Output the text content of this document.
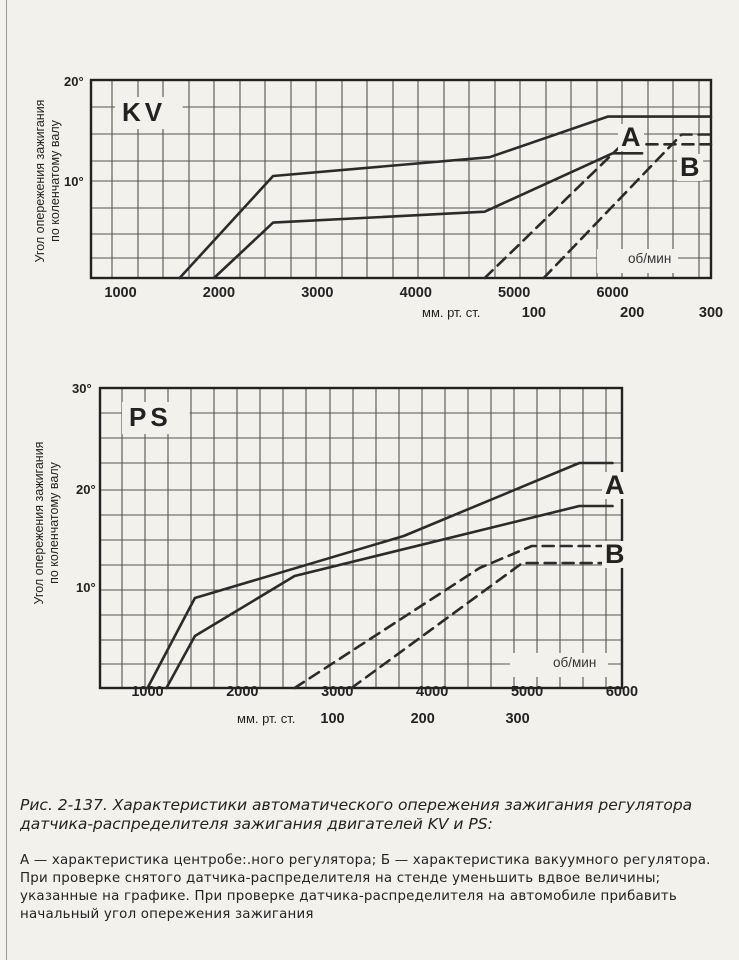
KV
об/мин
20°
10°
1000	2000	3000	4000	5000	6000
мм. рт. ст.	100	200	300
A
B
PS
об/мин
30°
20°
10°
1000	2000	3000	4000	5000	6000
мм. рт. ст. 100	200	300
A
B
Угол опережения зажигания по коленчатому валу
Угол опережения зажигания по коленчатому валу
Рис. 2-137. Характеристики автоматического опережения зажигания регулятора датчика-распределителя зажигания двигателей KV и PS:
А — характеристика центробе:.ного регулятора; Б — характеристика вакуумного регулятора. При проверке снятого датчика-распределителя на стенде уменьшить вдвое величины; указанные на графике. При проверке датчика-распределителя на автомобиле прибавить начальный угол опережения зажигания
